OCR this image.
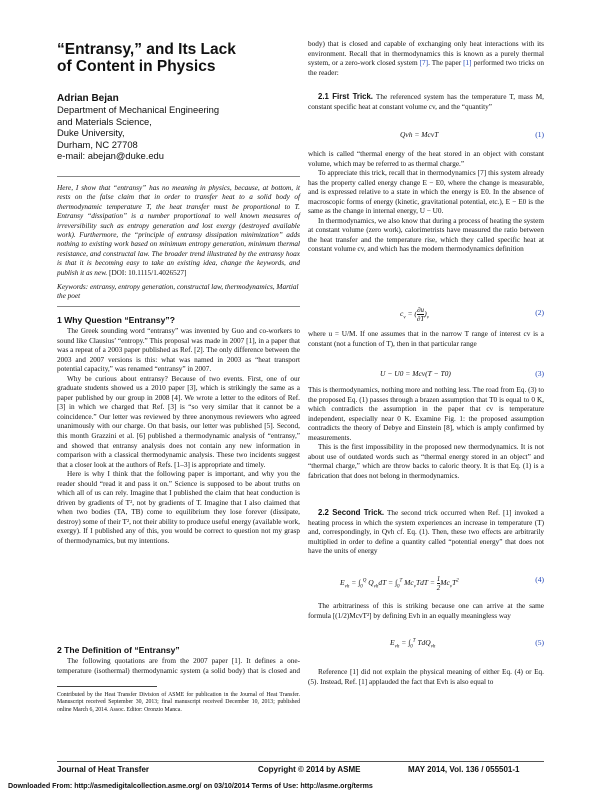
“Entransy,” and Its Lack
of Content in Physics
Adrian Bejan
Department of Mechanical Engineering
and Materials Science,
Duke University,
Durham, NC 27708
e-mail: abejan@duke.edu
Here, I show that “entransy” has no meaning in physics, because, at bottom, it rests on the false claim that in order to transfer heat to a solid body of thermodynamic temperature T, the heat transfer must be proportional to T. Entransy “dissipation” is a number proportional to well known measures of irreversibility such as entropy generation and lost exergy (destroyed available work). Furthermore, the “principle of entransy dissipation minimization” adds nothing to existing work based on minimum entropy generation, minimum thermal resistance, and constructal law. The broader trend illustrated by the entransy hoax is that it is becoming easy to take an existing idea, change the keywords, and publish it as new. [DOI: 10.1115/1.4026527]
Keywords: entransy, entropy generation, constructal law, thermodynamics, Martial the poet
1 Why Question “Entransy”?

The Greek sounding word “entransy” was invented by Guo and co-workers to sound like Clausius’ “entropy.” This proposal was made in 2007 [1], in a paper that was a repeat of a 2003 paper published as Ref. [2]. The only difference between the 2003 and 2007 versions is this: what was named in 2003 as “heat transport potential capacity,” was renamed “entransy” in 2007.

Why be curious about entransy? Because of two events. First, one of our graduate students showed us a 2010 paper [3], which is strikingly the same as a paper published by our group in 2008 [4]. We wrote a letter to the editors of Ref. [3] in which we charged that Ref. [3] is “so very similar that it cannot be a coincidence.” Our letter was reviewed by three anonymous reviewers who agreed unanimously with our charge. On that basis, our letter was published [5]. Second, this month Grazzini et al. [6] published a thermodynamic analysis of “entransy,” and showed that entransy analysis does not contain any new information in comparison with a classical thermodynamic analysis. These two incidents suggest that a closer look at the authors of Refs. [1–3] is appropriate and timely.

Here is why I think that the following paper is important, and why you the reader should “read it and pass it on.” Science is supposed to be about truths on which all of us can rely. Imagine that I published the claim that heat conduction is driven by gradients of T², not by gradients of T. Imagine that I also claimed that when two bodies (TA, TB) come to equilibrium they lose forever (dissipate, destroy) some of their T², not their ability to produce useful energy (available work, exergy). If I published any of this, you would be correct to question not my grasp of thermodynamics, but my intentions.

2 The Definition of “Entransy”

The following quotations are from the 2007 paper [1]. It defines a one-temperature (isothermal) thermodynamic system (a solid body) that is closed and

Contributed by the Heat Transfer Division of ASME for publication in the Journal of Heat Transfer. Manuscript received September 30, 2013; final manuscript received December 10, 2013; published online March 6, 2014. Assoc. Editor: Oronzio Manca.

body) that is closed and capable of exchanging only heat interactions with its environment. Recall that in thermodynamics this is known as a purely thermal system, or a zero-work closed system [7]. The paper [1] performed two tricks on the reader:

2.1 First Trick. The referenced system has the temperature T, mass M, constant specific heat at constant volume cv, and the “quantity”

Qvh = McvT	(1)

which is called “thermal energy of the heat stored in an object with constant volume, which may be referred to as thermal charge.”

To appreciate this trick, recall that in thermodynamics [7] this system already has the property called energy change E − E0, where the change is measurable, and is expressed relative to a state in which the energy is E0. In the absence of macroscopic forms of energy (kinetic, gravitational potential, etc.), E − E0 is the same as the change in internal energy, U − U0.

In thermodynamics, we also know that during a process of heating the system at constant volume (zero work), calorimetrists have measured the ratio between the heat transfer and the temperature rise, which they called specific heat at constant volume cv, and which has the modern thermodynamics definition

$c_v$ = ( $\frac{\partial u}{\partial T} )_v$
(2)

where u = U/M. If one assumes that in the narrow T range of interest cv is a constant (not a function of T), then in that particular range

U − U0 = Mcv(T − T0)	(3)

This is thermodynamics, nothing more and nothing less. The road from Eq. (3) to the proposed Eq. (1) passes through a brazen assumption that T0 is equal to 0 K, which contradicts the assumption in the paper that cv is temperature independent, especially near 0 K. Examine Fig. 1: the proposed assumption contradicts the theory of Debye and Einstein [8], which is amply confirmed by measurements.

This is the first impossibility in the proposed new thermodynamics. It is not about use of outdated words such as “thermal energy stored in an object” and “thermal charge,” which are throw backs to caloric theory. It is that Eq. (1) is a fabrication that does not belong in thermodynamics.

2.2 Second Trick. The second trick occurred when Ref. [1] invoked a heating process in which the system experiences an increase in temperature (T) and, correspondingly, in Qvh cf. Eq. (1). Then, these two effects are arbitrarily multiplied in order to define a quantity called “potential energy” that does not have the units of energy

$E_{vh} = \int_0^Q$ $Q_{vh}dT = \int_0^T$ $Mc_vTdT = \frac{1}{2} Mc_vT^2$	(4)

The arbitrariness of this is striking because one can arrive at the same formula [(1/2)McvT²] by defining Evh in an equally meaningless way

$E_{vh} = \int_0^T$ TdQ$_{vh}$	(5)

Reference [1] did not explain the physical meaning of either Eq. (4) or Eq. (5). Instead, Ref. [1] applauded the fact that Evh is also equal to

Journal of Heat Transfer	Copyright © 2014 by ASME	MAY 2014, Vol. 136 / 055501-1
Downloaded From: http://asmedigitalcollection.asme.org/ on 03/10/2014 Terms of Use: http://asme.org/terms
